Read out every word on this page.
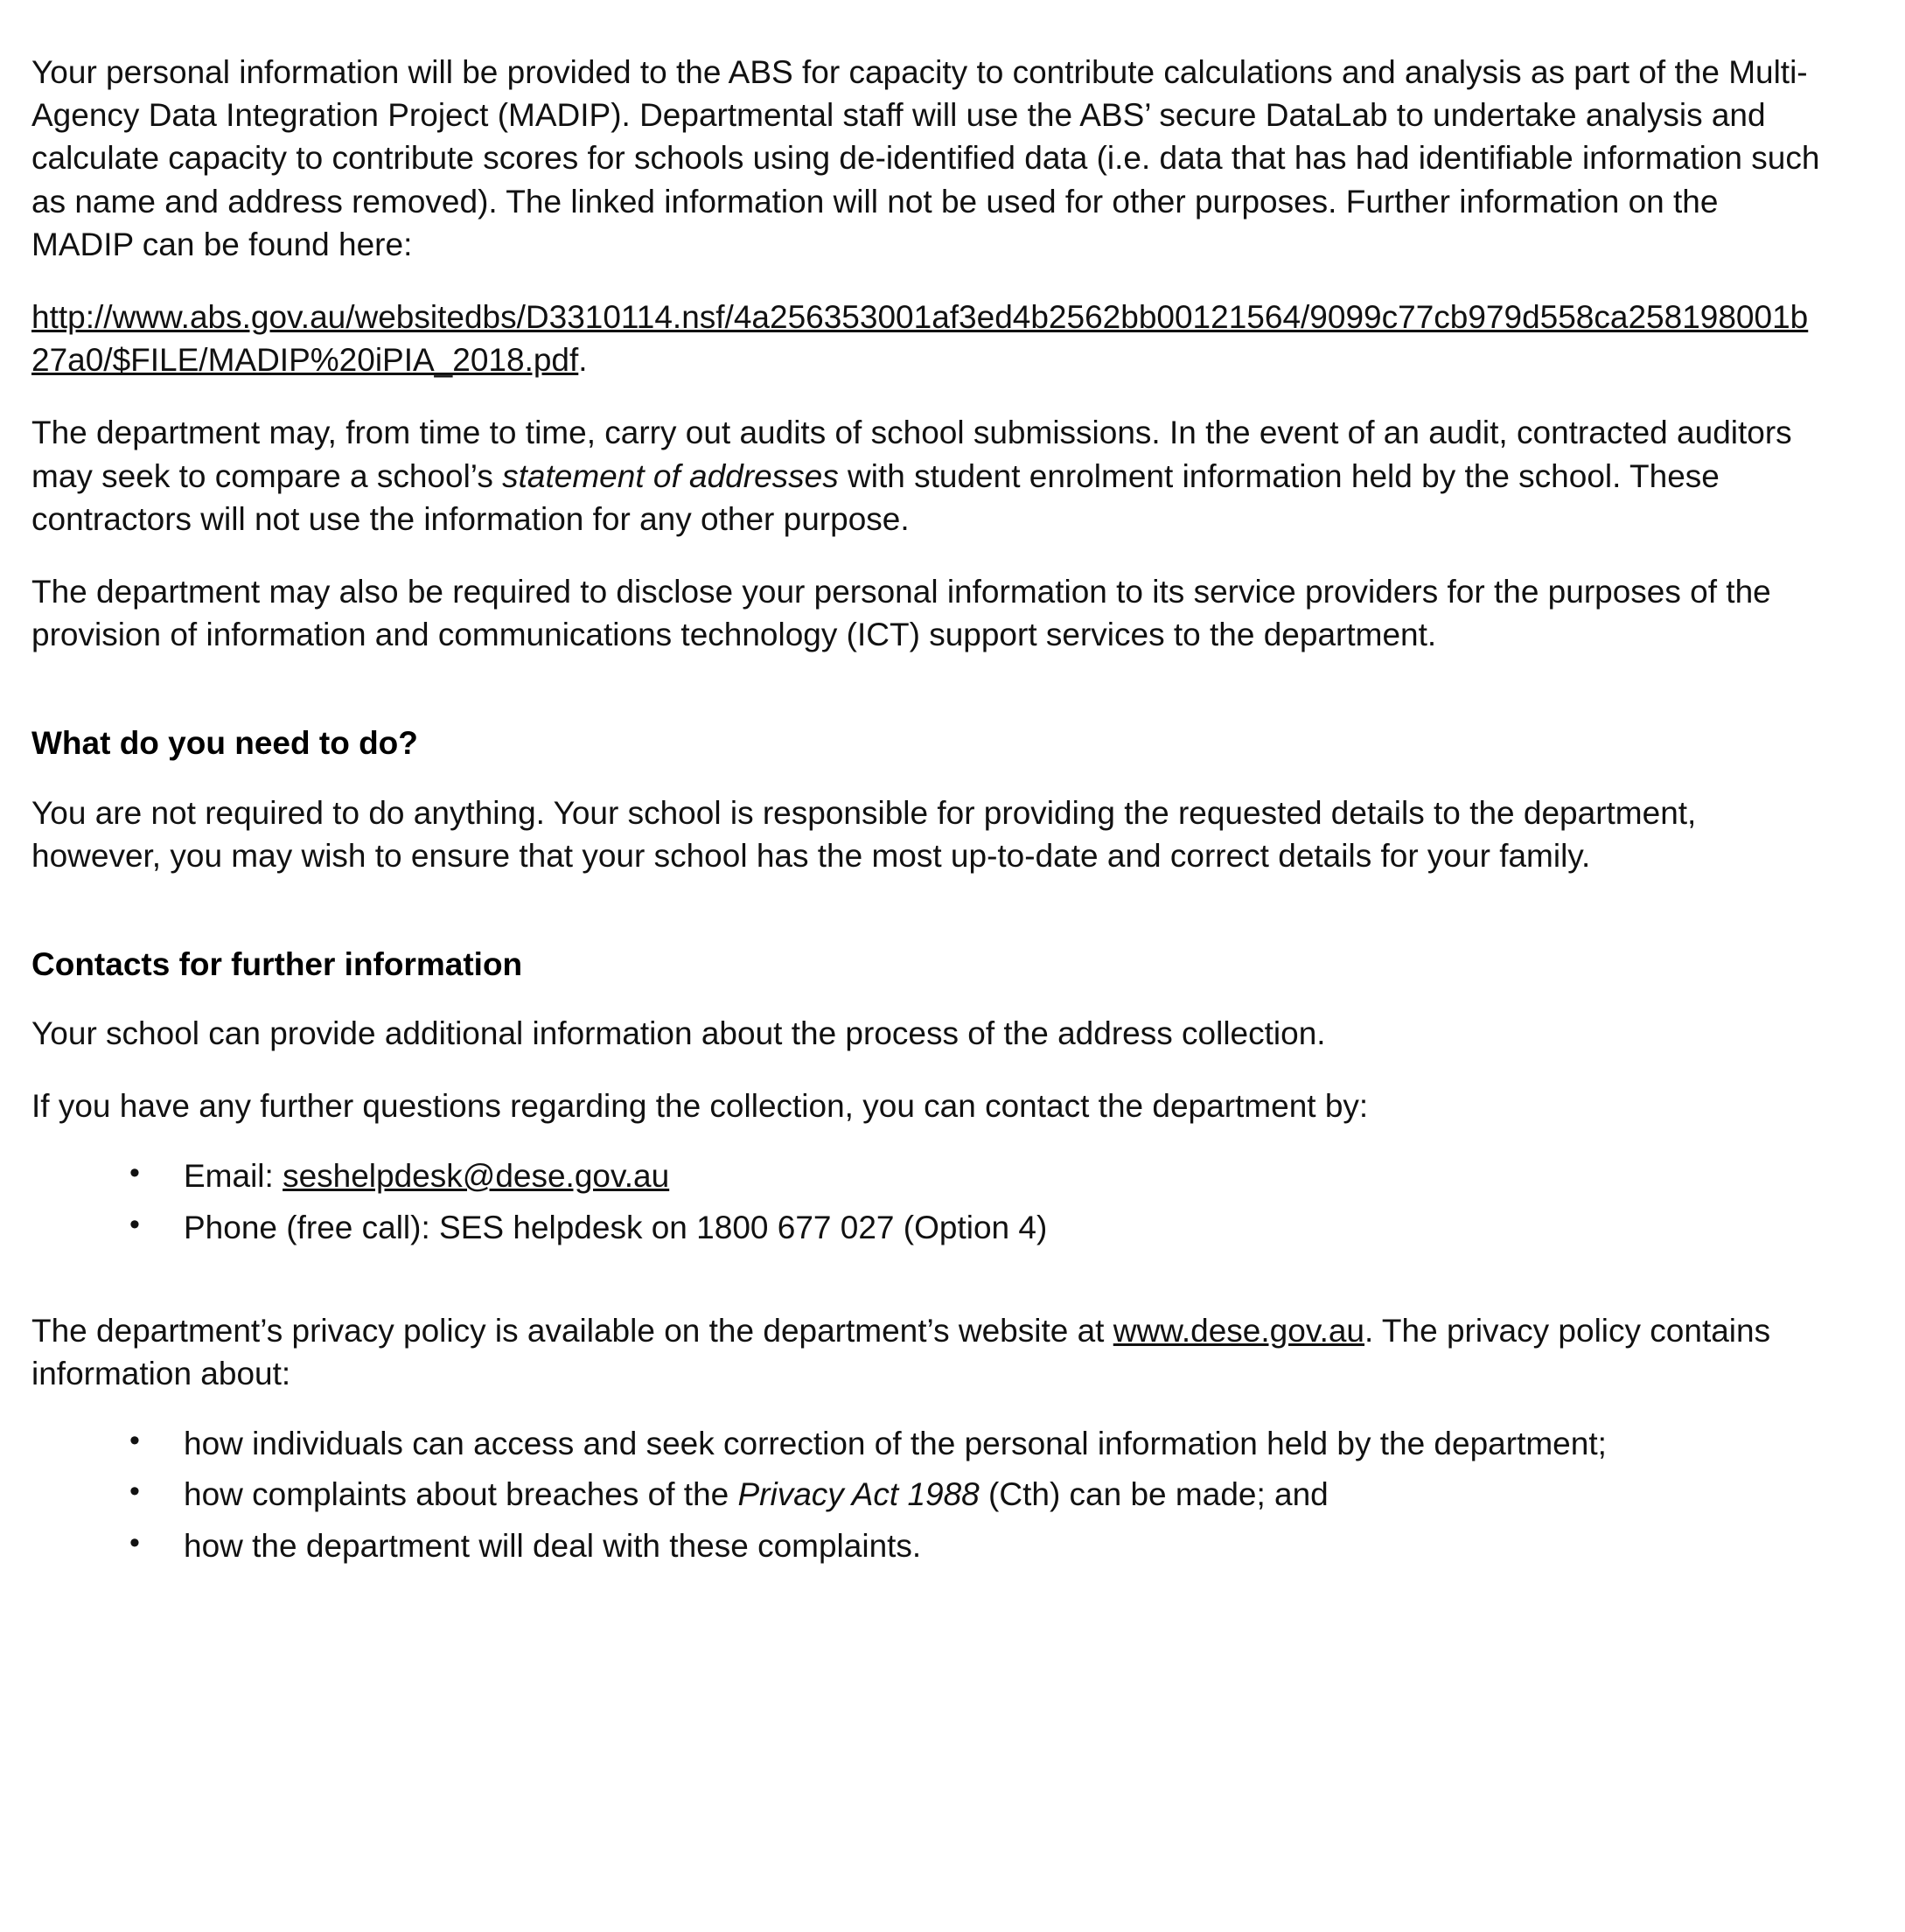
Your personal information will be provided to the ABS for capacity to contribute calculations and analysis as part of the Multi-Agency Data Integration Project (MADIP). Departmental staff will use the ABS’ secure DataLab to undertake analysis and calculate capacity to contribute scores for schools using de-identified data (i.e. data that has had identifiable information such as name and address removed). The linked information will not be used for other purposes. Further information on the MADIP can be found here:

http://www.abs.gov.au/websitedbs/D3310114.nsf/4a256353001af3ed4b2562bb00121564/9099c77cb979d558ca258198001b27a0/$FILE/MADIP%20iPIA_2018.pdf.

The department may, from time to time, carry out audits of school submissions. In the event of an audit, contracted auditors may seek to compare a school’s statement of addresses with student enrolment information held by the school. These contractors will not use the information for any other purpose.

The department may also be required to disclose your personal information to its service providers for the purposes of the provision of information and communications technology (ICT) support services to the department.

What do you need to do?

You are not required to do anything. Your school is responsible for providing the requested details to the department, however, you may wish to ensure that your school has the most up-to-date and correct details for your family.

Contacts for further information

Your school can provide additional information about the process of the address collection.

If you have any further questions regarding the collection, you can contact the department by:

• Email: seshelpdesk@dese.gov.au
• Phone (free call): SES helpdesk on 1800 677 027 (Option 4)

The department’s privacy policy is available on the department’s website at www.dese.gov.au. The privacy policy contains information about:

• how individuals can access and seek correction of the personal information held by the department;
• how complaints about breaches of the Privacy Act 1988 (Cth) can be made; and
• how the department will deal with these complaints.
